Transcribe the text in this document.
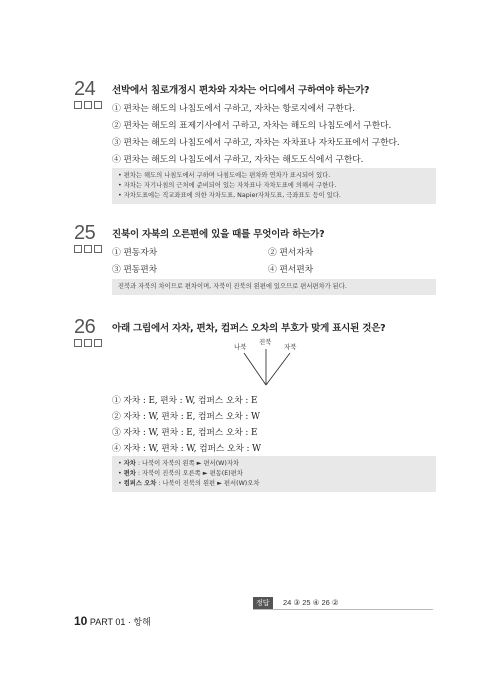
24 선박에서 침로개정시 편차와 자차는 어디에서 구하여야 하는가?
① 편차는 해도의 나침도에서 구하고, 자차는 항로지에서 구한다.
② 편차는 해도의 표제기사에서 구하고, 자차는 해도의 나침도에서 구한다.
③ 편차는 해도의 나침도에서 구하고, 자차는 자차표나 자차도표에서 구한다.
④ 편차는 해도의 나침도에서 구하고, 자차는 해도도식에서 구한다.
• 편차는 해도의 나침도에서 구하며 나침도에는 편차와 연차가 표시되어 있다.
• 자차는 자기나침의 근처에 준비되어 있는 자차표나 자차도표에 의해서 구한다.
• 자차도표에는 직교좌표에 의한 자차도표, Napier자차도표, 극좌표도 등이 있다.
25 진북이 자북의 오른편에 있을 때를 무엇이라 하는가?
① 편동자차	② 편서자차
③ 편동편차	④ 편서편차
진북과 자북의 차이므로 편차이며, 자북이 진북의 왼편에 있으므로 편서편차가 된다.
26 아래 그림에서 자차, 편차, 컴퍼스 오차의 부호가 맞게 표시된 것은?
나북
진북
자북
① 자차 : E, 편차 : W, 컴퍼스 오차 : E
② 자차 : W, 편차 : E, 컴퍼스 오차 : W
③ 자차 : W, 편차 : E, 컴퍼스 오차 : E
④ 자차 : W, 편차 : W, 컴퍼스 오차 : W
• 자차 : 나북이 자북의 왼쪽 ► 편서(W)자차
• 편차 : 자북이 진북의 오른쪽 ► 편동(E)편차
• 컴퍼스 오차 : 나북이 진북의 왼편 ► 편서(W)오차
정답	24 ③ 25 ④ 26 ②
10 PART 01 · 항해
